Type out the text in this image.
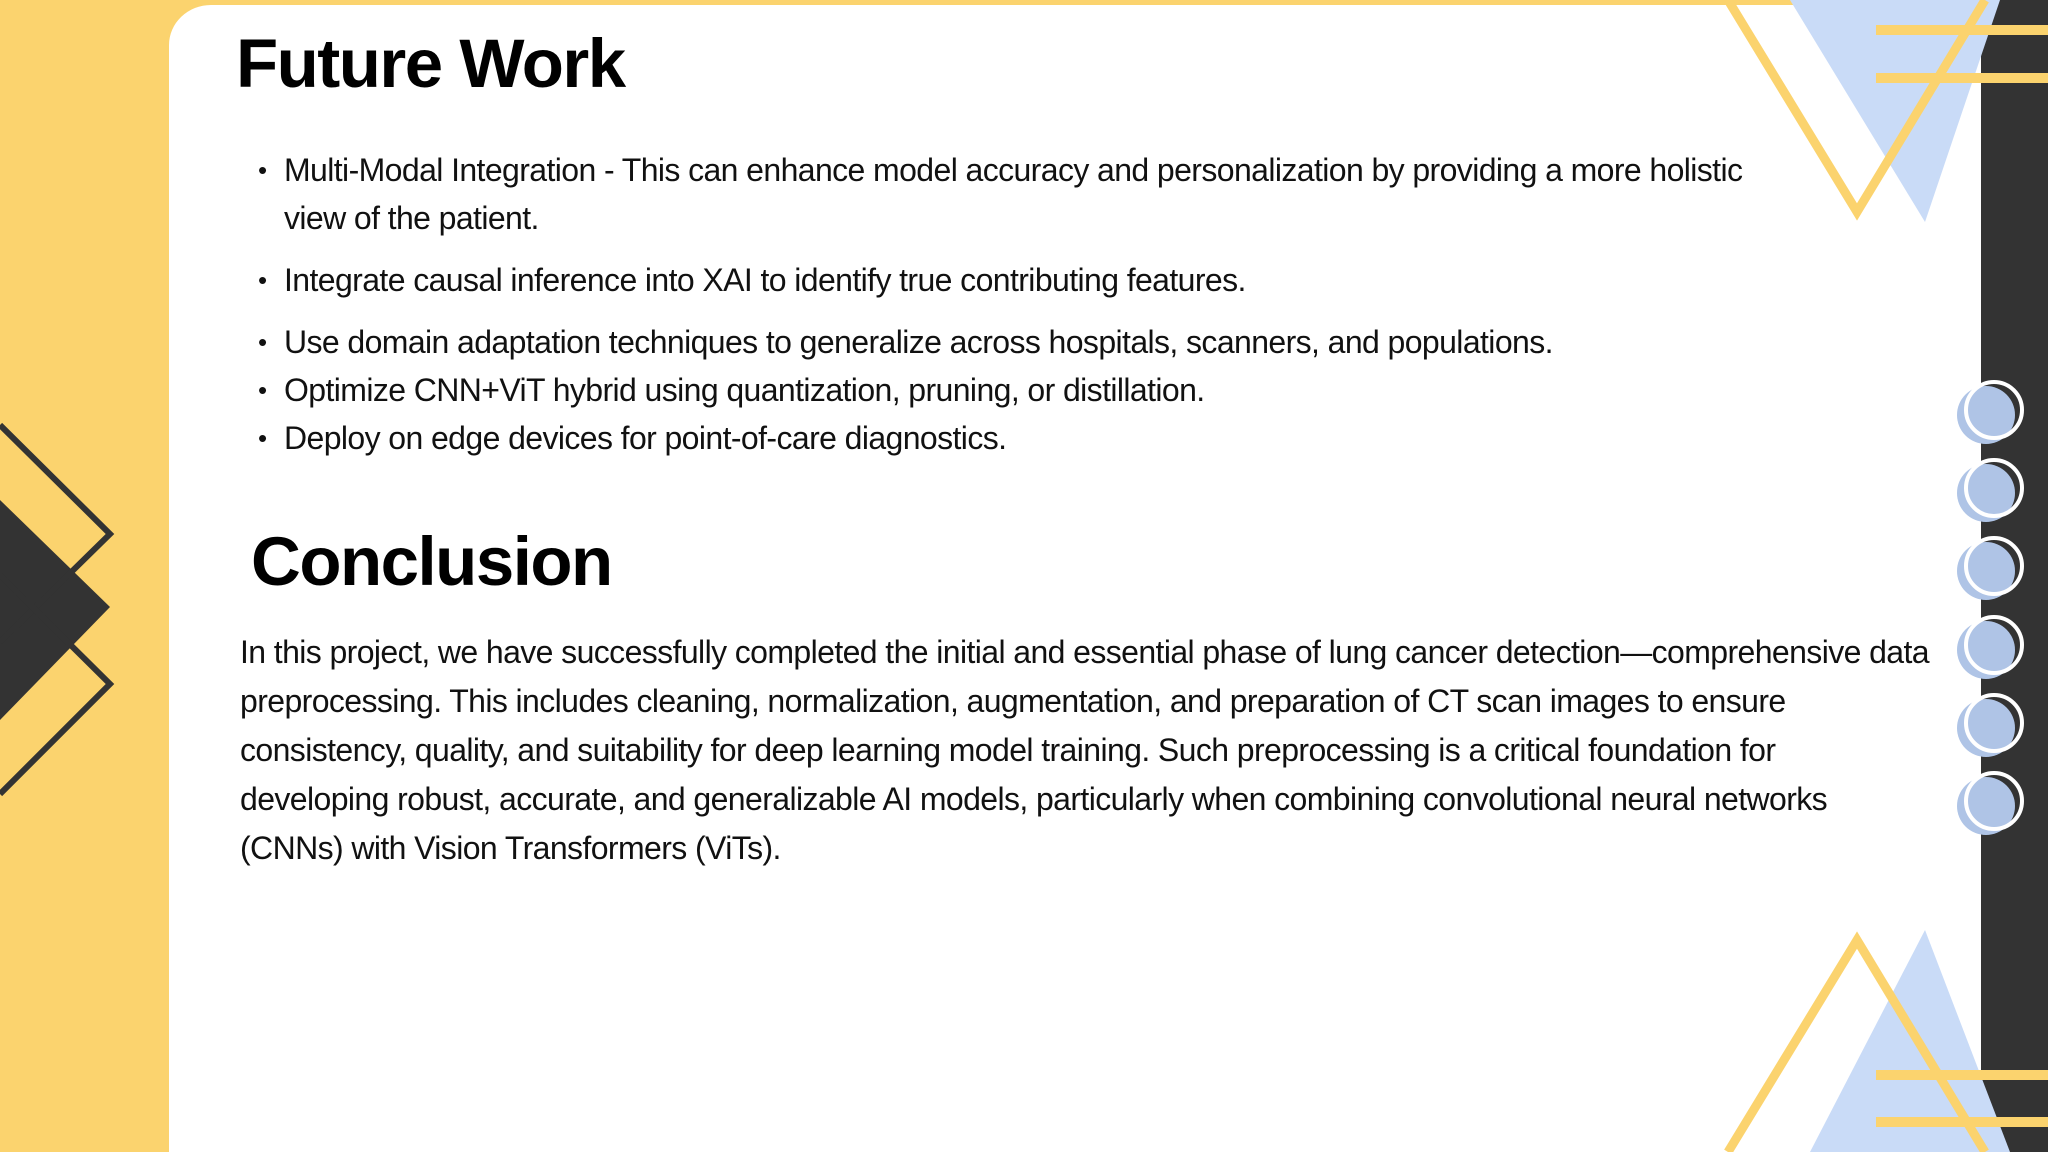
Future Work
• Multi-Modal Integration - This can enhance model accuracy and personalization by providing a more holistic view of the patient.
• Integrate causal inference into XAI to identify true contributing features.
• Use domain adaptation techniques to generalize across hospitals, scanners, and populations.
• Optimize CNN+ViT hybrid using quantization, pruning, or distillation.
• Deploy on edge devices for point-of-care diagnostics.
Conclusion

In this project, we have successfully completed the initial and essential phase of lung cancer detection—comprehensive data preprocessing. This includes cleaning, normalization, augmentation, and preparation of CT scan images to ensure consistency, quality, and suitability for deep learning model training. Such preprocessing is a critical foundation for developing robust, accurate, and generalizable AI models, particularly when combining convolutional neural networks (CNNs) with Vision Transformers (ViTs).
